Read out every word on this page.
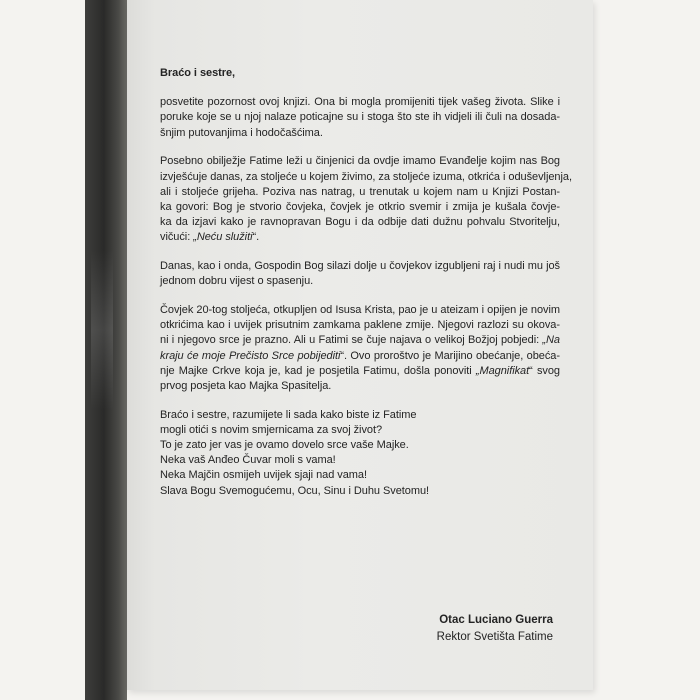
Braćo i sestre,
posvetite pozornost ovoj knjizi. Ona bi mogla promijeniti tijek vašeg života. Slike i
poruke koje se u njoj nalaze poticajne su i stoga što ste ih vidjeli ili čuli na dosada-
šnjim putovanjima i hodočašćima.
Posebno obilježje Fatime leži u činjenici da ovdje imamo Evanđelje kojim nas Bog
izvješćuje danas, za stoljeće u kojem živimo, za stoljeće izuma, otkrića i oduševljenja,
ali i stoljeće grijeha. Poziva nas natrag, u trenutak u kojem nam u Knjizi Postan-
ka govori: Bog je stvorio čovjeka, čovjek je otkrio svemir i zmija je kušala čovje-
ka da izjavi kako je ravnopravan Bogu i da odbije dati dužnu pohvalu Stvoritelju,
vičući: „Neću služiti“.
Danas, kao i onda, Gospodin Bog silazi dolje u čovjekov izgubljeni raj i nudi mu još
jednom dobru vijest o spasenju.
Čovjek 20-tog stoljeća, otkupljen od Isusa Krista, pao je u ateizam i opijen je novim
otkrićima kao i uvijek prisutnim zamkama paklene zmije. Njegovi razlozi su okova-
ni i njegovo srce je prazno. Ali u Fatimi se čuje najava o velikoj Božjoj pobjedi: „Na
kraju će moje Prečisto Srce pobijediti“. Ovo proroštvo je Marijino obećanje, obeća-
nje Majke Crkve koja je, kad je posjetila Fatimu, došla ponoviti „Magnifikat“ svog
prvog posjeta kao Majka Spasitelja.
Braćo i sestre, razumijete li sada kako biste iz Fatime
mogli otići s novim smjernicama za svoj život?
To je zato jer vas je ovamo dovelo srce vaše Majke.
Neka vaš Anđeo Čuvar moli s vama!
Neka Majčin osmijeh uvijek sjaji nad vama!
Slava Bogu Svemogućemu, Ocu, Sinu i Duhu Svetomu!
Otac Luciano Guerra
Rektor Svetišta Fatime
